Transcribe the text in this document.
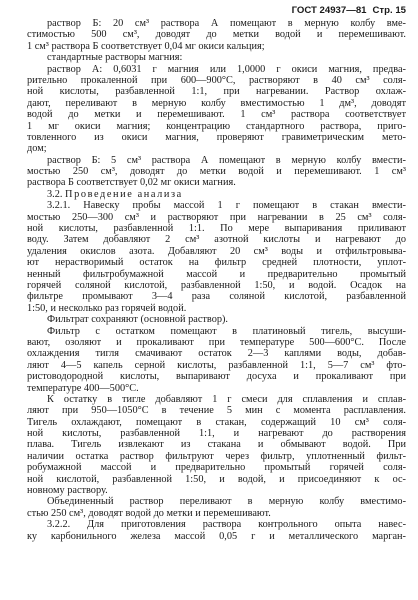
ГОСТ 24937—81 Стр. 15
раствор Б: 20 см³ раствора А помещают в мерную колбу вме-
стимостью 500 см³, доводят до метки водой и перемешивают.
1 см³ раствора Б соответствует 0,04 мг окиси кальция;
стандартные растворы магния:
раствор А: 0,6031 г магния или 1,0000 г окиси магния, предва-
рительно прокаленной при 600—900°С, растворяют в 40 см³ соля-
ной кислоты, разбавленной 1:1, при нагревании. Раствор охлаж-
дают, переливают в мерную колбу вместимостью 1 дм³, доводят
водой до метки и перемешивают. 1 см³ раствора соответствует
1 мг окиси магния; концентрацию стандартного раствора, приго-
товленного из окиси магния, проверяют гравиметрическим мето-
дом;
раствор Б: 5 см³ раствора А помещают в мерную колбу вмести-
мостью 250 см³, доводят до метки водой и перемешивают. 1 см³
раствора Б соответствует 0,02 мг окиси магния.
3.2. Проведение анализа
3.2.1. Навеску пробы массой 1 г помещают в стакан вмести-
мостью 250—300 см³ и растворяют при нагревании в 25 см³ соля-
ной кислоты, разбавленной 1:1. По мере выпаривания приливают
воду. Затем добавляют 2 см³ азотной кислоты и нагревают до
удаления окислов азота. Добавляют 20 см³ воды и отфильтровыва-
ют нерастворимый остаток на фильтр средней плотности, уплот-
ненный фильтробумажной массой и предварительно промытый
горячей соляной кислотой, разбавленной 1:50, и водой. Осадок на
фильтре промывают 3—4 раза соляной кислотой, разбавленной
1:50, и несколько раз горячей водой.
Фильтрат сохраняют (основной раствор).
Фильтр с остатком помещают в платиновый тигель, высуши-
вают, озоляют и прокаливают при температуре 500—600°С. После
охлаждения тигля смачивают остаток 2—3 каплями воды, добав-
ляют 4—5 капель серной кислоты, разбавленной 1:1, 5—7 см³ фто-
ристоводородной кислоты, выпаривают досуха и прокаливают при
температуре 400—500°С.
К остатку в тигле добавляют 1 г смеси для сплавления и сплав-
ляют при 950—1050°С в течение 5 мин с момента расплавления.
Тигель охлаждают, помещают в стакан, содержащий 10 см³ соля-
ной кислоты, разбавленной 1:1, и нагревают до растворения
плава. Тигель извлекают из стакана и обмывают водой. При
наличии остатка раствор фильтруют через фильтр, уплотненный фильт-
робумажной массой и предварительно промытый горячей соля-
ной кислотой, разбавленной 1:50, и водой, и присоединяют к ос-
новному раствору.
Объединенный раствор переливают в мерную колбу вместимо-
стью 250 см³, доводят водой до метки и перемешивают.
3.2.2. Для приготовления раствора контрольного опыта навес-
ку карбонильного железа массой 0,05 г и металлического марган-
